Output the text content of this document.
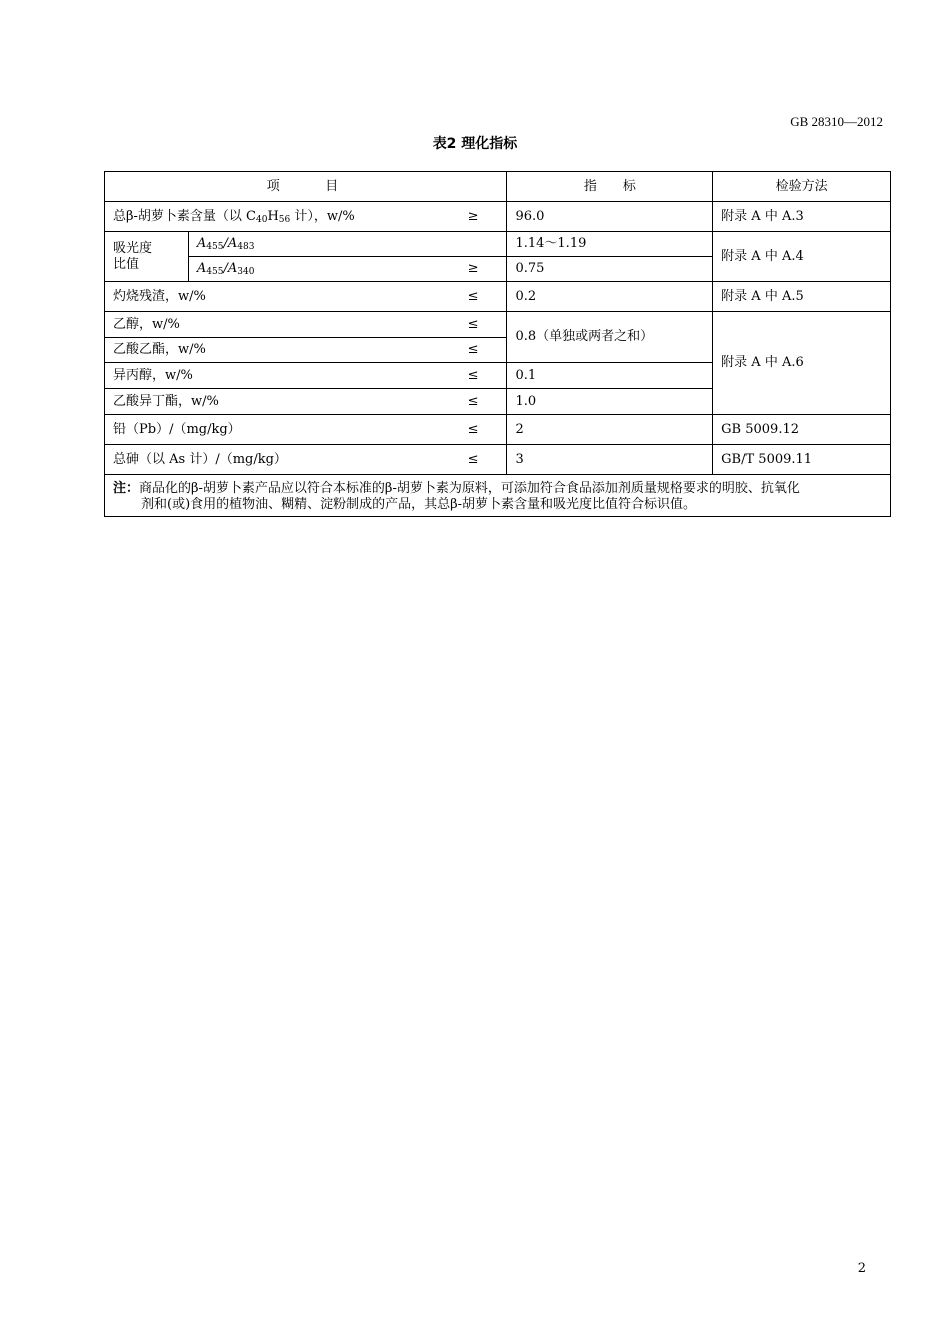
GB 28310—2012
表2 理化指标
项　　目		指　　标	检验方法

总β-胡萝卜素含量（以 $C_{40}H_{56}$ 计），w/% ≥		96.0	附录 A 中 A.3

吸光度
比值	$A_{455}/A_{483}$	1.14～1.19	附录 A 中 A.4

	$A_{455}/A_{340}$ ≥	0.75	

灼烧残渣，w/% ≤		0.2	附录 A 中 A.5

乙醇，w/% ≤		0.8（单独或两者之和）	附录 A 中 A.6

乙酸乙酯，w/% ≤			

异丙醇，w/% ≤		0.1	

乙酸异丁酯，w/% ≤		1.0	

铅（Pb）/（mg/kg） ≤		2	GB 5009.12

总砷（以 As 计）/（mg/kg） ≤		3	GB/T 5009.11

注：商品化的β-胡萝卜素产品应以符合本标准的β-胡萝卜素为原料，可添加符合食品添加剂质量规格要求的明胶、抗氧化
剂和(或)食用的植物油、糊精、淀粉制成的产品，其总β-胡萝卜素含量和吸光度比值符合标识值。			
2
